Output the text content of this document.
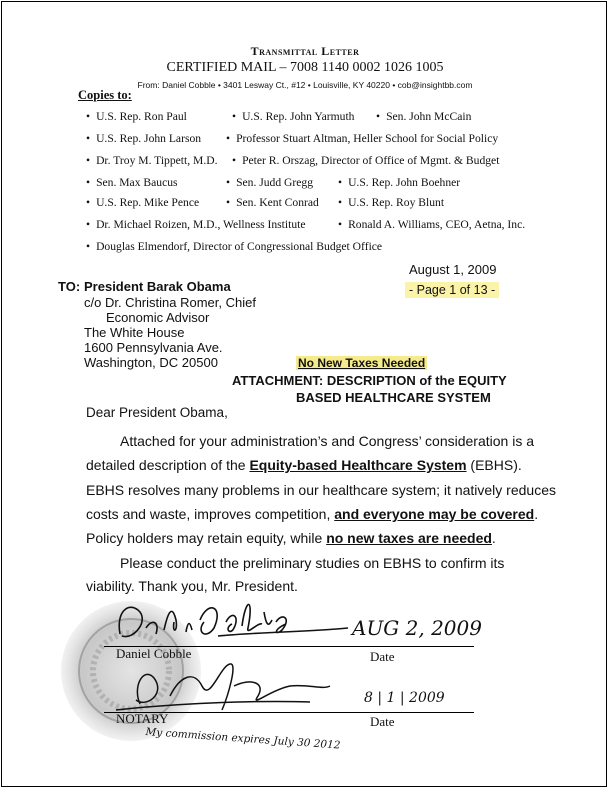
Transmittal Letter
CERTIFIED MAIL – 7008 1140 0002 1026 1005
From: Daniel Cobble • 3401 Lesway Ct., #12 • Louisville, KY 40220 • cob@insightbb.com
Copies to:
• U.S. Rep. Ron Paul	• U.S. Rep. John Yarmuth • Sen. John McCain
• U.S. Rep. John Larson • Professor Stuart Altman, Heller School for Social Policy
• Dr. Troy M. Tippett, M.D. • Peter R. Orszag, Director of Office of Mgmt. & Budget
• Sen. Max Baucus	• Sen. Judd Gregg • U.S. Rep. John Boehner
• U.S. Rep. Mike Pence • Sen. Kent Conrad • U.S. Rep. Roy Blunt
• Dr. Michael Roizen, M.D., Wellness Institute	• Ronald A. Williams, CEO, Aetna, Inc.
• Douglas Elmendorf, Director of Congressional Budget Office
August 1, 2009
- Page 1 of 13 -
TO: President Barak Obama
c/o Dr. Christina Romer, Chief
Economic Advisor
The White House
1600 Pennsylvania Ave.
Washington, DC 20500	No New Taxes Needed
ATTACHMENT: DESCRIPTION of the EQUITY
BASED HEALTHCARE SYSTEM
Dear President Obama,
Attached for your administration’s and Congress’ consideration is a
detailed description of the Equity-based Healthcare System (EBHS).
EBHS resolves many problems in our healthcare system; it natively reduces
costs and waste, improves competition, and everyone may be covered.
Policy holders may retain equity, while no new taxes are needed.
Please conduct the preliminary studies on EBHS to confirm its
viability. Thank you, Mr. President.
AUG 2, 2009
Daniel Cobble	Date
8 | 1 | 2009
NOTARY	Date
My commission expires July 30 2012
